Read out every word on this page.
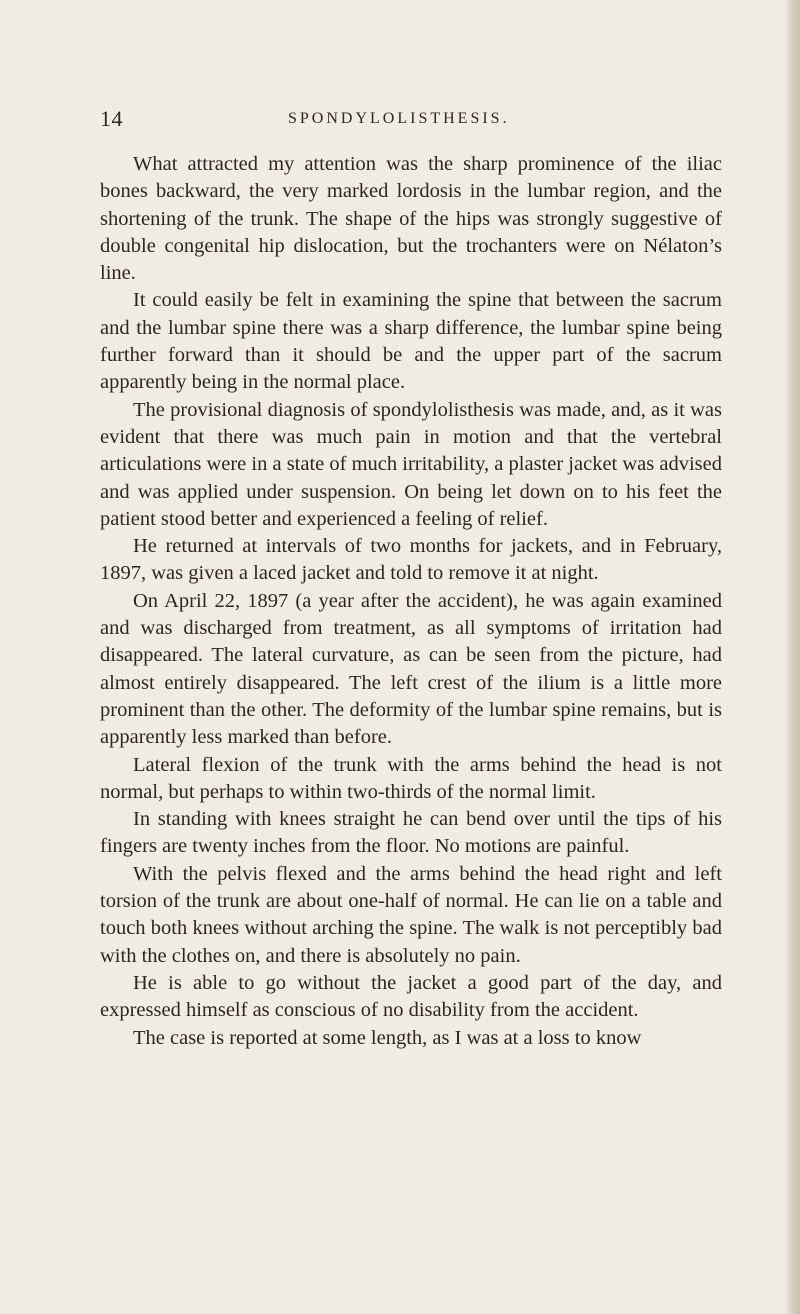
14	SPONDYLOLISTHESIS.

What attracted my attention was the sharp prominence of the iliac bones backward, the very marked lordosis in the lumbar region, and the shortening of the trunk. The shape of the hips was strongly suggestive of double congenital hip dislocation, but the trochanters were on Nélaton’s line.

It could easily be felt in examining the spine that between the sacrum and the lumbar spine there was a sharp difference, the lumbar spine being further forward than it should be and the upper part of the sacrum apparently being in the normal place.

The provisional diagnosis of spondylolisthesis was made, and, as it was evident that there was much pain in motion and that the vertebral articulations were in a state of much irritability, a plaster jacket was advised and was applied under suspension. On being let down on to his feet the patient stood better and experienced a feeling of relief.

He returned at intervals of two months for jackets, and in February, 1897, was given a laced jacket and told to remove it at night.

On April 22, 1897 (a year after the accident), he was again examined and was discharged from treatment, as all symptoms of irritation had disappeared. The lateral curvature, as can be seen from the picture, had almost entirely disappeared. The left crest of the ilium is a little more prominent than the other. The deformity of the lumbar spine remains, but is apparently less marked than before.

Lateral flexion of the trunk with the arms behind the head is not normal, but perhaps to within two-thirds of the normal limit.

In standing with knees straight he can bend over until the tips of his fingers are twenty inches from the floor. No motions are painful.

With the pelvis flexed and the arms behind the head right and left torsion of the trunk are about one-half of normal. He can lie on a table and touch both knees without arching the spine. The walk is not perceptibly bad with the clothes on, and there is absolutely no pain.

He is able to go without the jacket a good part of the day, and expressed himself as conscious of no disability from the accident.

The case is reported at some length, as I was at a loss to know
